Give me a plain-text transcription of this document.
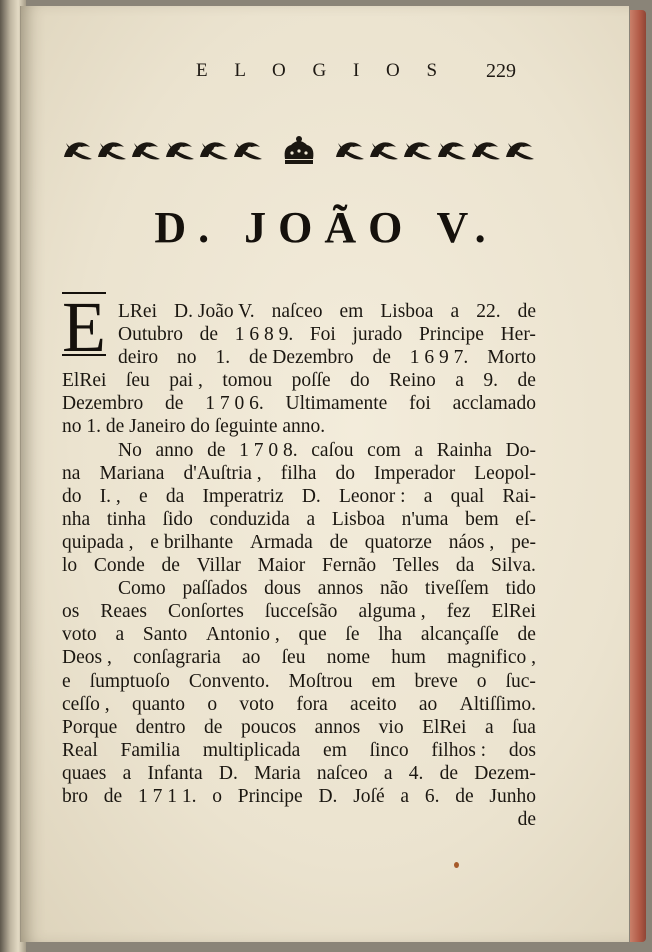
E L O G I O S 229
D. JOÃO V.
E LRei D. João V. naſceo em Lisboa a 22. de
Outubro de 1 6 8 9. Foi jurado Principe Her-
deiro no 1. de Dezembro de 1 6 9 7. Morto
ElRei ſeu pai , tomou poſſe do Reino a 9. de
Dezembro de 1 7 0 6. Ultimamente foi acclamado
no 1. de Janeiro do ſeguinte anno.
No anno de 1 7 0 8. caſou com a Rainha Do-
na Mariana d'Auſtria , filha do Imperador Leopol-
do I. , e da Imperatriz D. Leonor : a qual Rai-
nha tinha ſido conduzida a Lisboa n'uma bem eſ-
quipada , e brilhante Armada de quatorze náos , pe-
lo Conde de Villar Maior Fernão Telles da Silva.
Como paſſados dous annos não tiveſſem tido
os Reaes Conſortes ſucceſsão alguma , fez ElRei
voto a Santo Antonio , que ſe lha alcançaſſe de
Deos , conſagraria ao ſeu nome hum magnifico ,
e ſumptuoſo Convento. Moſtrou em breve o ſuc-
ceſſo , quanto o voto fora aceito ao Altiſſimo.
Porque dentro de poucos annos vio ElRei a ſua
Real Familia multiplicada em ſinco filhos : dos
quaes a Infanta D. Maria naſceo a 4. de Dezem-
bro de 1 7 1 1. o Principe D. Joſé a 6. de Junho
de
